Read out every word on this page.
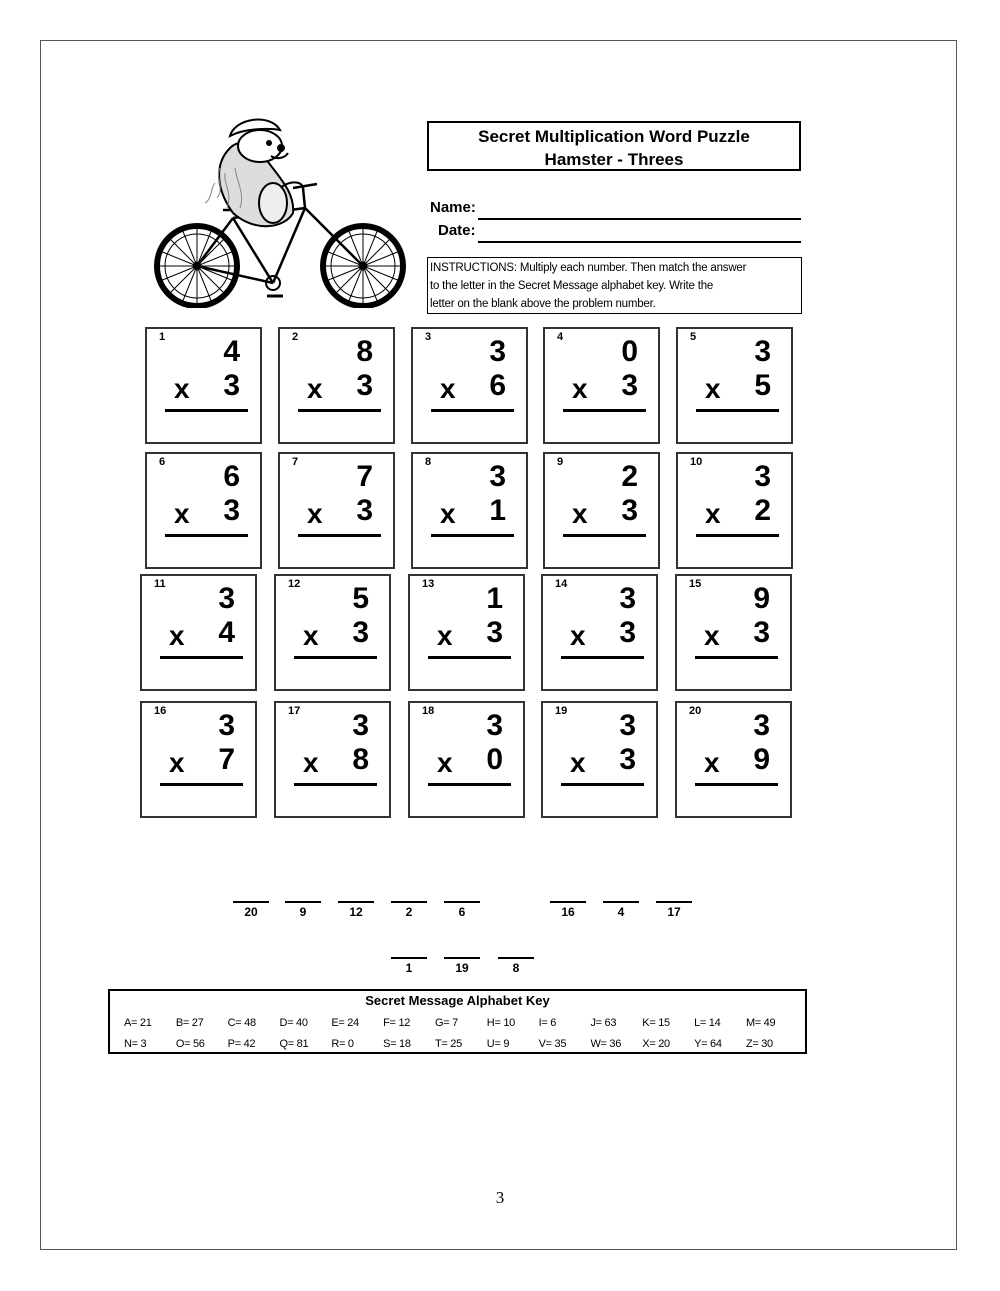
Secret Multiplication Word Puzzle
Hamster - Threes
Name:
Date:
INSTRUCTIONS: Multiply each number. Then match the answer
to the letter in the Secret Message alphabet key. Write the
letter on the blank above the problem number.
1 4
x 3
2 8
x 3
3 3
x 6
4 0
x 3
5 3
x 5
6 6
x 3
7 7
x 3
8 3
x 1
9 2
x 3
10 3
x 2
11 3
x 4
12 5
x 3
13 1
x 3
14 3
x 3
15 9
x 3
16 3
x 7
17 3
x 8
18 3
x 0
19 3
x 3
20 3
x 9
20	9	12	2	6	16	4	17
1	19	8
Secret Message Alphabet Key
A= 21	B= 27	C= 48	D= 40	E= 24	F= 12	G= 7	H= 10	I= 6	J= 63	K= 15	L= 14	M= 49
N= 3	O= 56	P= 42	Q= 81	R= 0	S= 18	T= 25	U= 9	V= 35	W= 36	X= 20	Y= 64	Z= 30
3
